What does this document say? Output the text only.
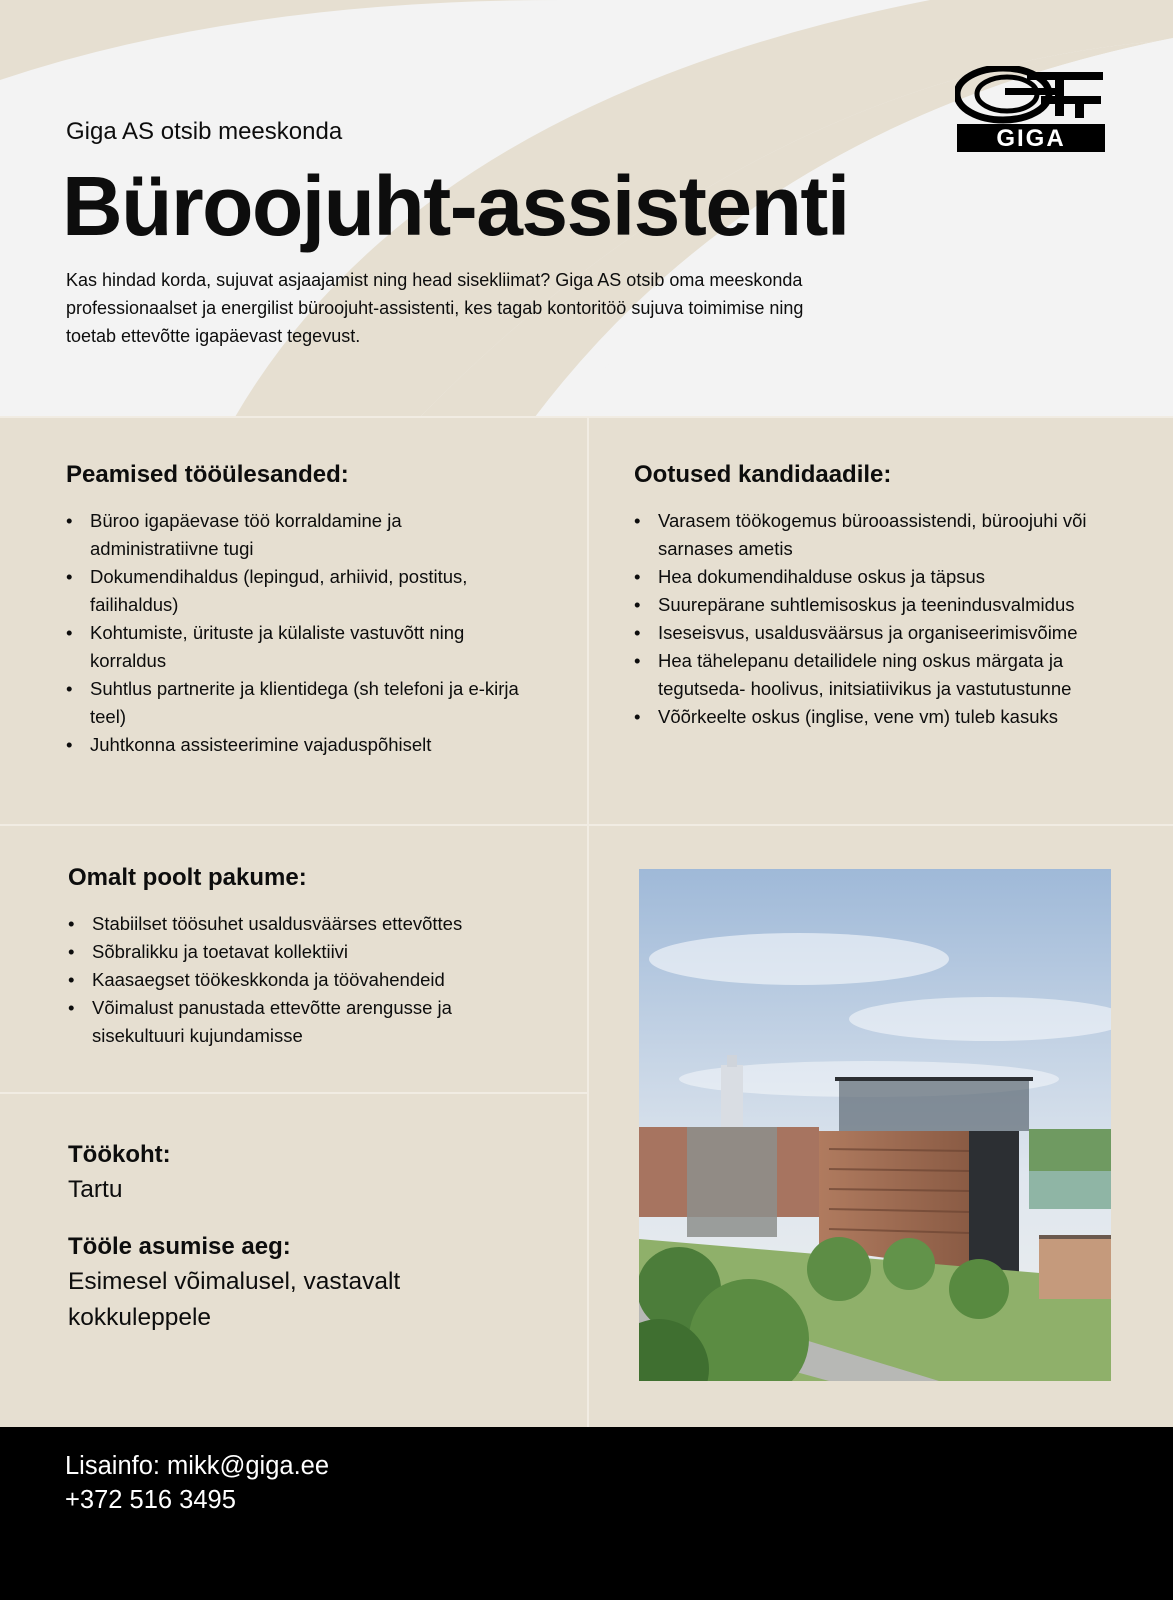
Giga AS otsib meeskonda
Büroojuht-assistenti

Kas hindad korda, sujuvat asjaajamist ning head sisekliimat? Giga AS otsib oma meeskonda professionaalset ja energilist büroojuht-assistenti, kes tagab kontoritöö sujuva toimimise ning toetab ettevõtte igapäevast tegevust.

GIGA
Peamised tööülesanded:
• Büroo igapäevase töö korraldamine ja administratiivne tugi
• Dokumendihaldus (lepingud, arhiivid, postitus, failihaldus)
• Kohtumiste, ürituste ja külaliste vastuvõtt ning korraldus
• Suhtlus partnerite ja klientidega (sh telefoni ja e-kirja teel)
• Juhtkonna assisteerimine vajaduspõhiselt
Ootused kandidaadile:
• Varasem töökogemus bürooassistendi, büroojuhi või sarnases ametis
• Hea dokumendihalduse oskus ja täpsus
• Suurepärane suhtlemisoskus ja teenindusvalmidus
• Iseseisvus, usaldusväärsus ja organiseerimisvõime
• Hea tähelepanu detailidele ning oskus märgata ja tegutseda- hoolivus, initsiatiivikus ja vastutustunne
• Võõrkeelte oskus (inglise, vene vm) tuleb kasuks
Omalt poolt pakume:
• Stabiilset töösuhet usaldusväärses ettevõttes
• Sõbralikku ja toetavat kollektiivi
• Kaasaegset töökeskkonda ja töövahendeid
• Võimalust panustada ettevõtte arengusse ja sisekultuuri kujundamisse
Töökoht:
Tartu
Tööle asumise aeg:
Esimesel võimalusel, vastavalt kokkuleppele
Lisainfo: mikk@giga.ee
+372 516 3495
